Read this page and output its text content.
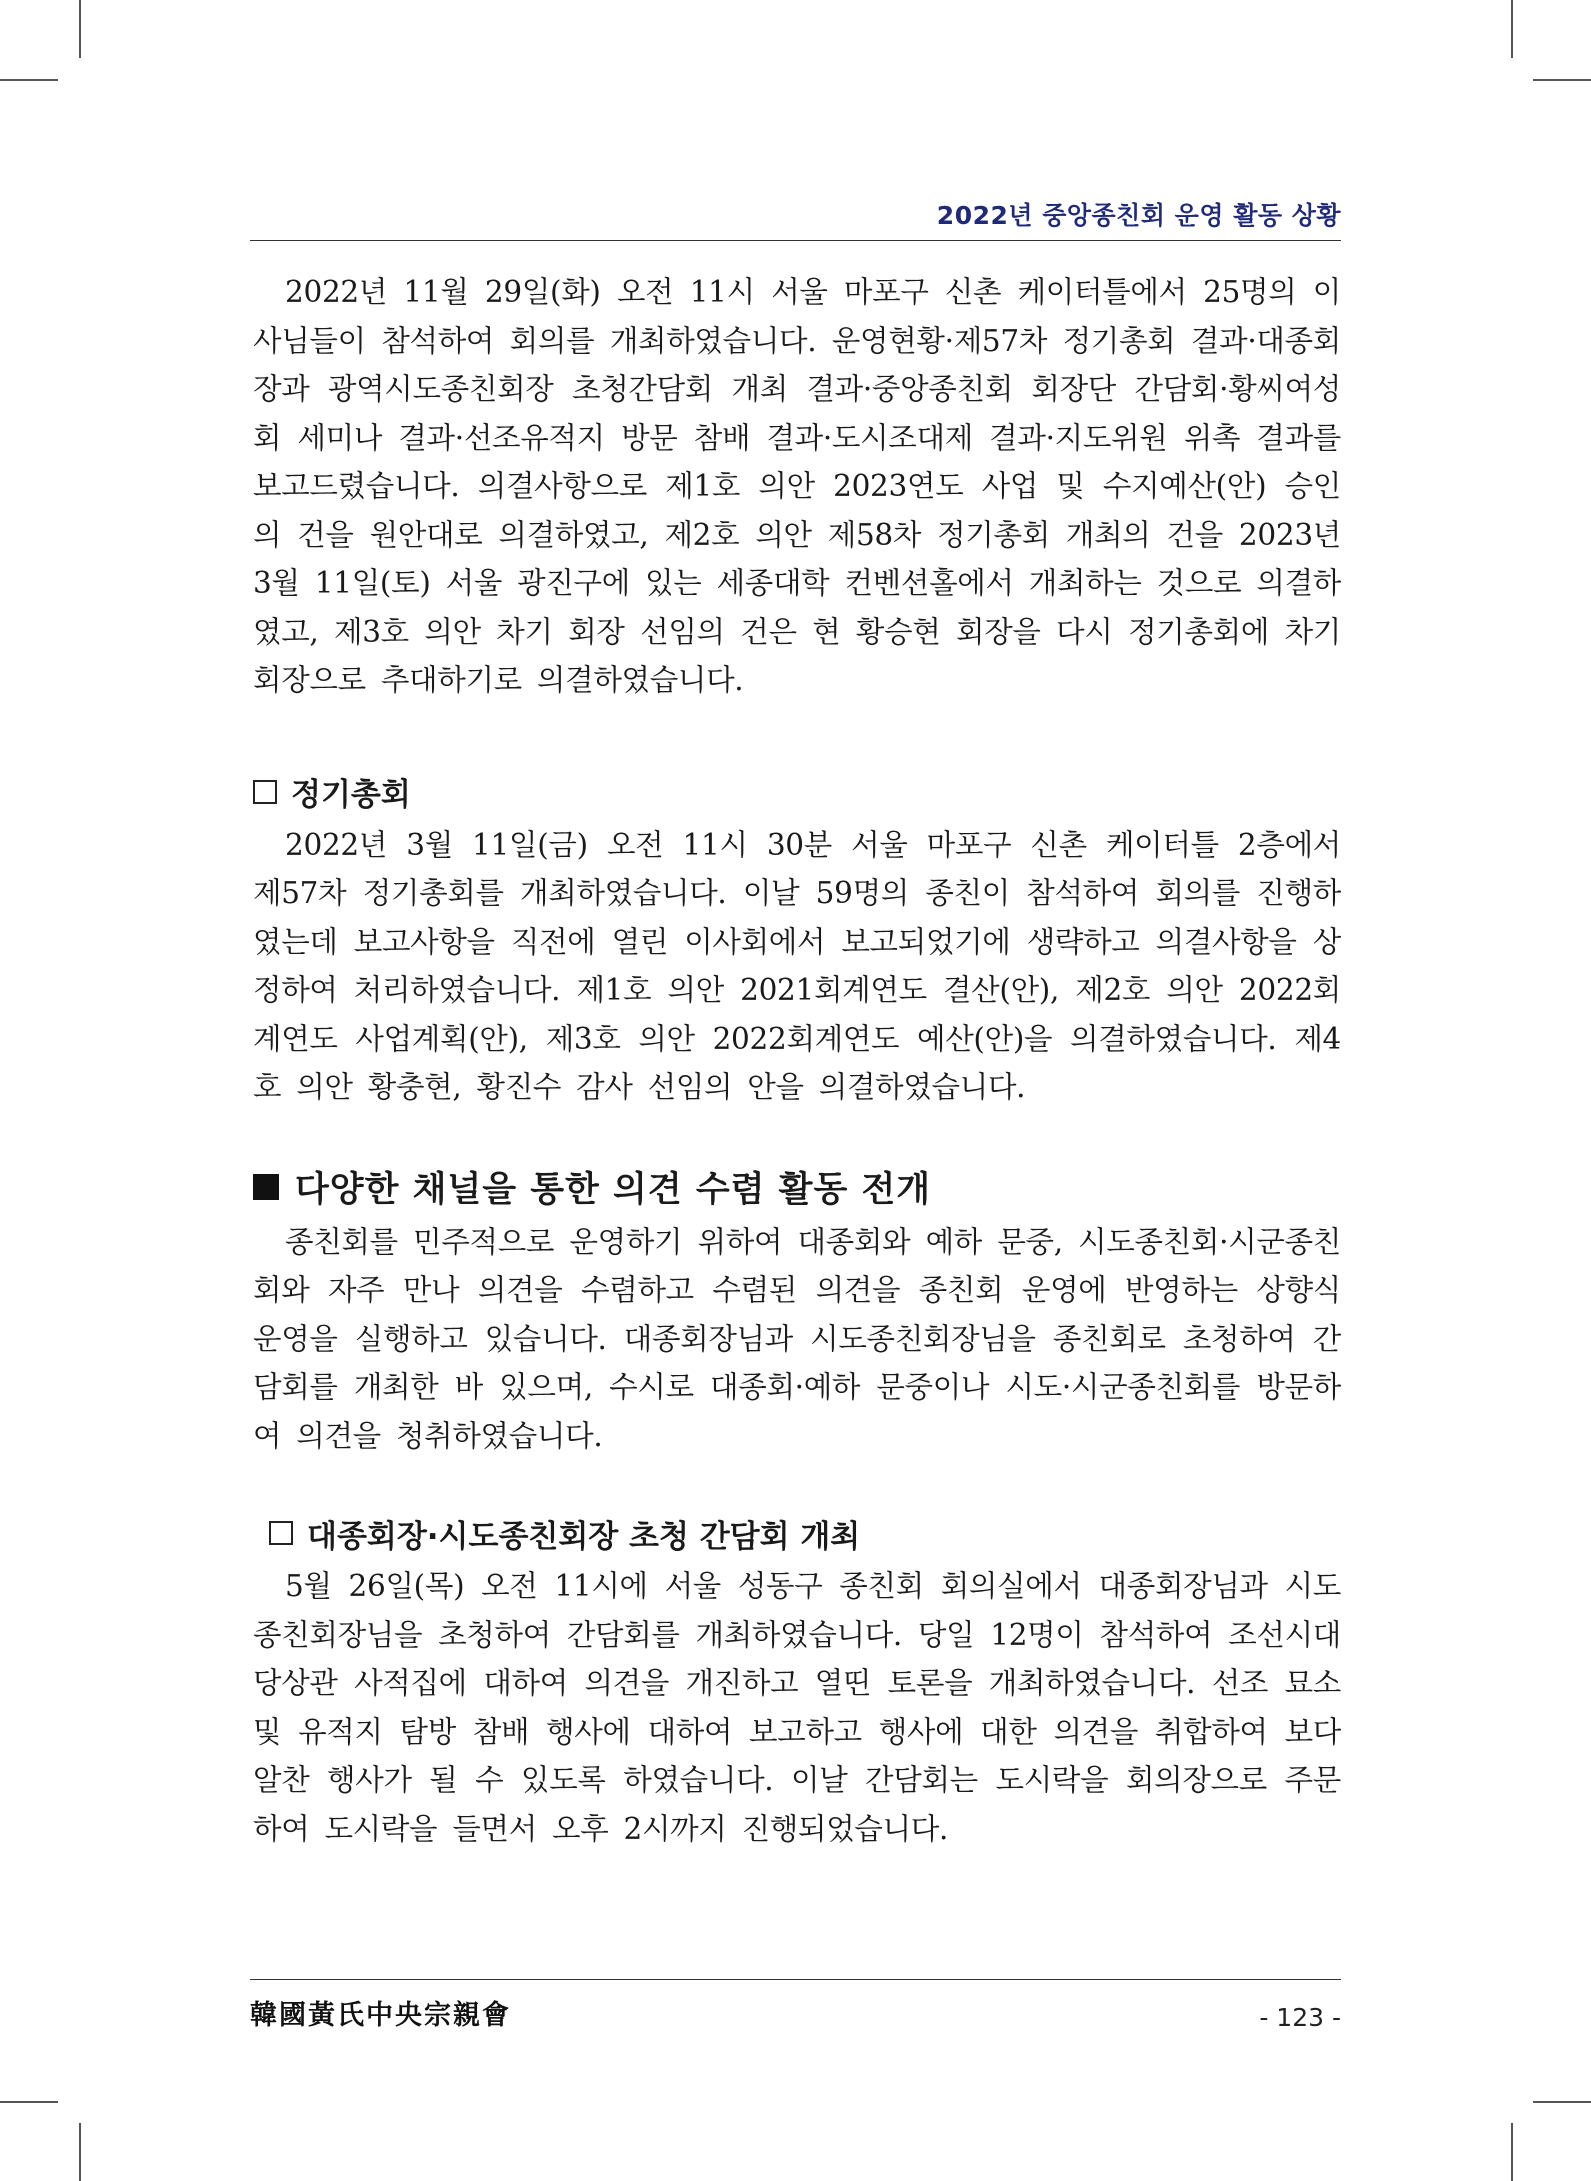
2022년 중앙종친회 운영 활동 상황

2022년 11월 29일(화) 오전 11시 서울 마포구 신촌 케이터틀에서 25명의 이사님들이 참석하여 회의를 개최하였습니다. 운영현황·제57차 정기총회 결과·대종회장과 광역시도종친회장 초청간담회 개최 결과·중앙종친회 회장단 간담회·황씨여성회 세미나 결과·선조유적지 방문 참배 결과·도시조대제 결과·지도위원 위촉 결과를 보고드렸습니다. 의결사항으로 제1호 의안 2023연도 사업 및 수지예산(안) 승인의 건을 원안대로 의결하였고, 제2호 의안 제58차 정기총회 개최의 건을 2023년 3월 11일(토) 서울 광진구에 있는 세종대학 컨벤션홀에서 개최하는 것으로 의결하였고, 제3호 의안 차기 회장 선임의 건은 현 황승현 회장을 다시 정기총회에 차기회장으로 추대하기로 의결하였습니다.

정기총회

2022년 3월 11일(금) 오전 11시 30분 서울 마포구 신촌 케이터틀 2층에서 제57차 정기총회를 개최하였습니다. 이날 59명의 종친이 참석하여 회의를 진행하였는데 보고사항을 직전에 열린 이사회에서 보고되었기에 생략하고 의결사항을 상정하여 처리하였습니다. 제1호 의안 2021회계연도 결산(안), 제2호 의안 2022회계연도 사업계획(안), 제3호 의안 2022회계연도 예산(안)을 의결하였습니다. 제4호 의안 황충현, 황진수 감사 선임의 안을 의결하였습니다.

다양한 채널을 통한 의견 수렴 활동 전개

종친회를 민주적으로 운영하기 위하여 대종회와 예하 문중, 시도종친회·시군종친회와 자주 만나 의견을 수렴하고 수렴된 의견을 종친회 운영에 반영하는 상향식 운영을 실행하고 있습니다. 대종회장님과 시도종친회장님을 종친회로 초청하여 간담회를 개최한 바 있으며, 수시로 대종회·예하 문중이나 시도·시군종친회를 방문하여 의견을 청취하였습니다.

대종회장·시도종친회장 초청 간담회 개최

5월 26일(목) 오전 11시에 서울 성동구 종친회 회의실에서 대종회장님과 시도종친회장님을 초청하여 간담회를 개최하였습니다. 당일 12명이 참석하여 조선시대 당상관 사적집에 대하여 의견을 개진하고 열띤 토론을 개최하였습니다. 선조 묘소 및 유적지 탐방 참배 행사에 대하여 보고하고 행사에 대한 의견을 취합하여 보다 알찬 행사가 될 수 있도록 하였습니다. 이날 간담회는 도시락을 회의장으로 주문하여 도시락을 들면서 오후 2시까지 진행되었습니다.

韓國黃氏中央宗親會	- 123 -
